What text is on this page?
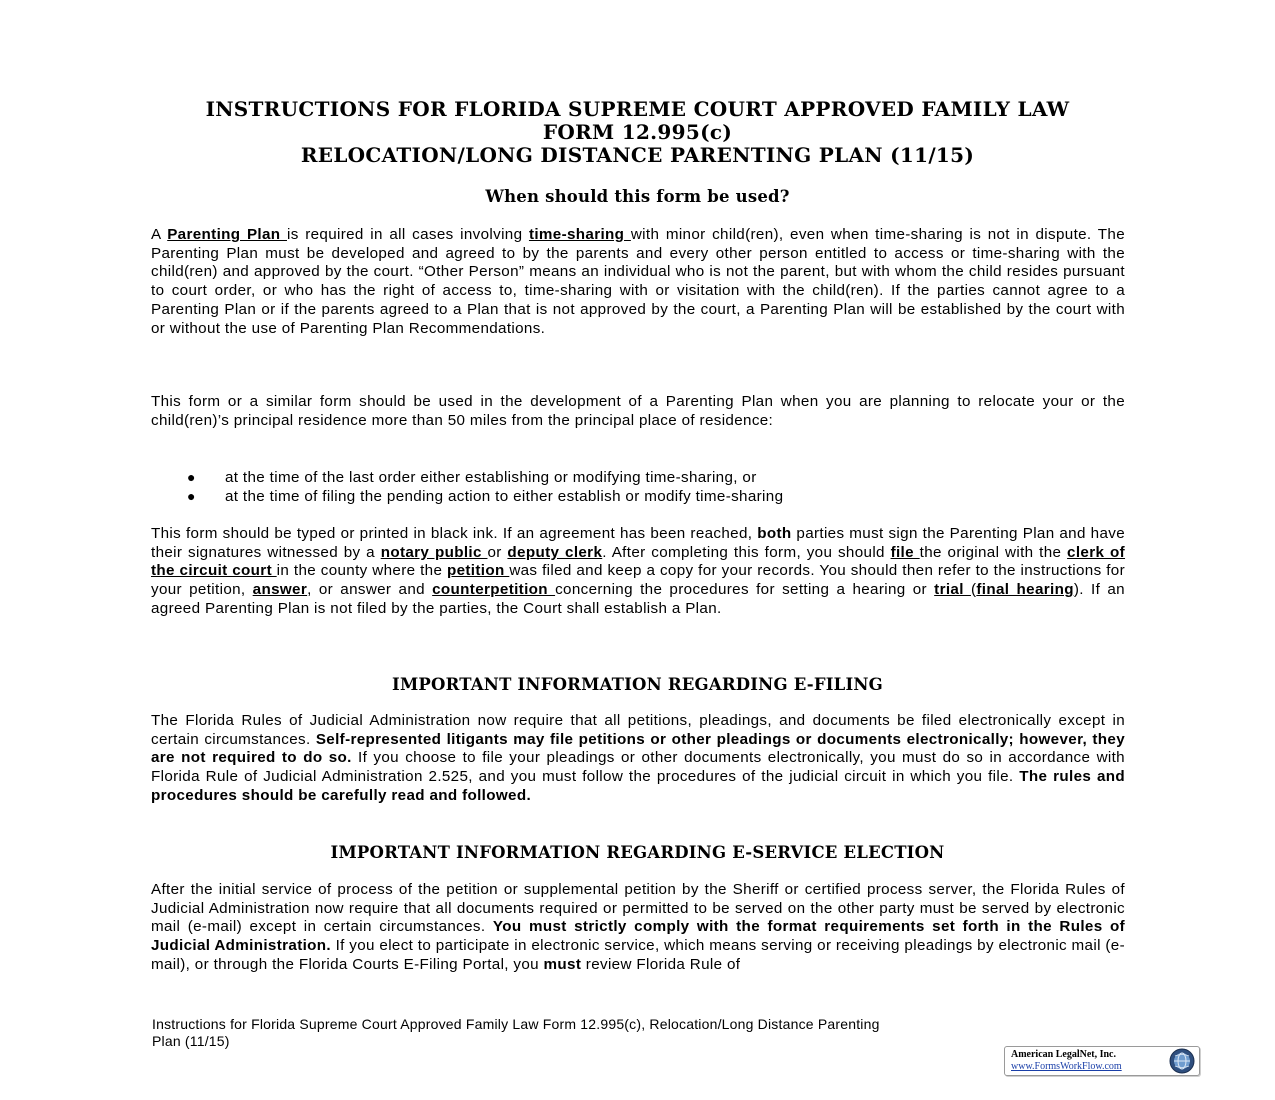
INSTRUCTIONS FOR FLORIDA SUPREME COURT APPROVED FAMILY LAW
FORM 12.995(c)
RELOCATION/LONG DISTANCE PARENTING PLAN (11/15)
When should this form be used?
A Parenting Plan is required in all cases involving time-sharing with minor child(ren), even when time-sharing is not in dispute. The Parenting Plan must be developed and agreed to by the parents and every other person entitled to access or time-sharing with the child(ren) and approved by the court. “Other Person” means an individual who is not the parent, but with whom the child resides pursuant to court order, or who has the right of access to, time-sharing with or visitation with the child(ren). If the parties cannot agree to a Parenting Plan or if the parents agreed to a Plan that is not approved by the court, a Parenting Plan will be established by the court with or without the use of Parenting Plan Recommendations.
This form or a similar form should be used in the development of a Parenting Plan when you are planning to relocate your or the child(ren)’s principal residence more than 50 miles from the principal place of residence:
● at the time of the last order either establishing or modifying time-sharing, or
● at the time of filing the pending action to either establish or modify time-sharing
This form should be typed or printed in black ink. If an agreement has been reached, both parties must sign the Parenting Plan and have their signatures witnessed by a notary public or deputy clerk. After completing this form, you should file the original with the clerk of the circuit court in the county where the petition was filed and keep a copy for your records. You should then refer to the instructions for your petition, answer, or answer and counterpetition concerning the procedures for setting a hearing or trial (final hearing). If an agreed Parenting Plan is not filed by the parties, the Court shall establish a Plan.
IMPORTANT INFORMATION REGARDING E-FILING
The Florida Rules of Judicial Administration now require that all petitions, pleadings, and documents be filed electronically except in certain circumstances. Self-represented litigants may file petitions or other pleadings or documents electronically; however, they are not required to do so. If you choose to file your pleadings or other documents electronically, you must do so in accordance with Florida Rule of Judicial Administration 2.525, and you must follow the procedures of the judicial circuit in which you file. The rules and procedures should be carefully read and followed.
IMPORTANT INFORMATION REGARDING E-SERVICE ELECTION
After the initial service of process of the petition or supplemental petition by the Sheriff or certified process server, the Florida Rules of Judicial Administration now require that all documents required or permitted to be served on the other party must be served by electronic mail (e-mail) except in certain circumstances. You must strictly comply with the format requirements set forth in the Rules of Judicial Administration. If you elect to participate in electronic service, which means serving or receiving pleadings by electronic mail (e-mail), or through the Florida Courts E-Filing Portal, you must review Florida Rule of
Instructions for Florida Supreme Court Approved Family Law Form 12.995(c), Relocation/Long Distance Parenting
Plan (11/15)
American LegalNet, Inc.
www.FormsWorkFlow.com
